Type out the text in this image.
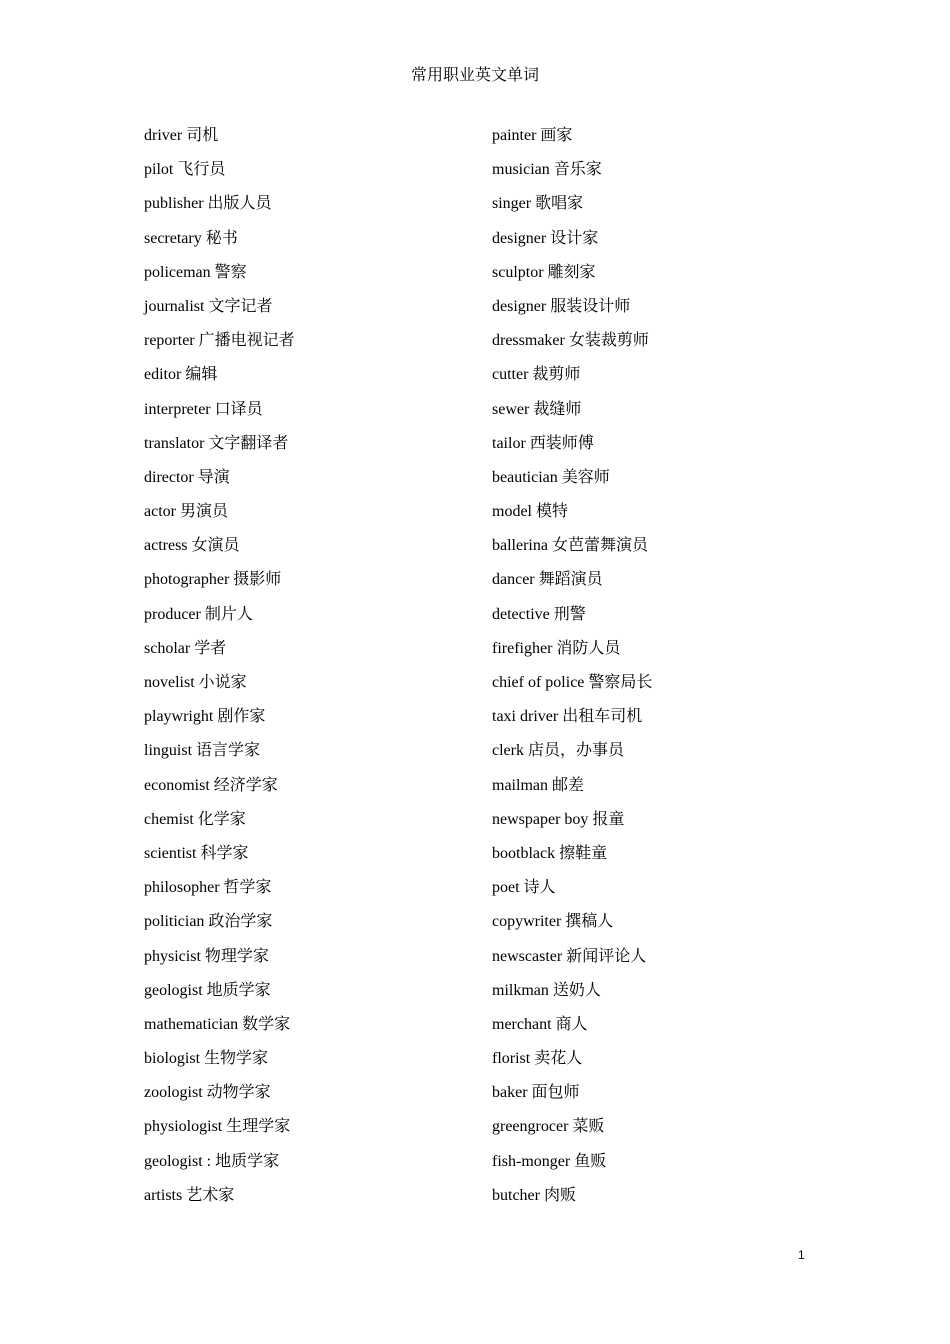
常用职业英文单词
driver 司机
pilot 飞行员
publisher 出版人员
secretary 秘书
policeman 警察
journalist 文字记者
reporter 广播电视记者
editor 编辑
interpreter 口译员
translator 文字翻译者
director 导演
actor 男演员
actress 女演员
photographer 摄影师
producer 制片人
scholar 学者
novelist 小说家
playwright 剧作家
linguist 语言学家
economist 经济学家
chemist 化学家
scientist 科学家
philosopher 哲学家
politician 政治学家
physicist 物理学家
geologist 地质学家
mathematician 数学家
biologist 生物学家
zoologist 动物学家
physiologist 生理学家
geologist : 地质学家
artists 艺术家
painter 画家
musician 音乐家
singer 歌唱家
designer 设计家
sculptor 雕刻家
designer 服装设计师
dressmaker 女装裁剪师
cutter 裁剪师
sewer 裁缝师
tailor 西装师傅
beautician 美容师
model 模特
ballerina 女芭蕾舞演员
dancer 舞蹈演员
detective 刑警
firefigher 消防人员
chief of police 警察局长
taxi driver 出租车司机
clerk 店员，办事员
mailman 邮差
newspaper boy 报童
bootblack 擦鞋童
poet 诗人
copywriter 撰稿人
newscaster 新闻评论人
milkman 送奶人
merchant 商人
florist 卖花人
baker 面包师
greengrocer 菜贩
fish-monger 鱼贩
butcher 肉贩
1
